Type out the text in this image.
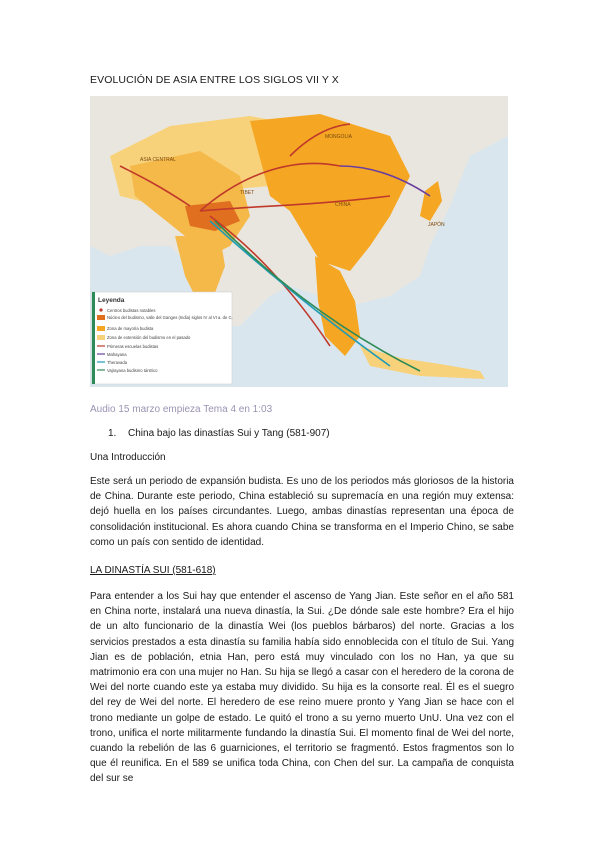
EVOLUCIÓN DE ASIA ENTRE LOS SIGLOS VII Y X
ASIA CENTRAL
MONGOLIA
CHINA
JAPÓN
TIBET
Leyenda
Centros budistas notables
Núcleo del budismo, valle del Ganges (India) siglos IV al VI a. de C.
Zona de mayoría budista
Zona de extensión del budismo en el pasado
Primeras escuelas budistas
Mahayana
Theravada
Vajrayana budismo tántrico
Audio 15 marzo empieza Tema 4 en 1:03
1. China bajo las dinastías Sui y Tang (581-907)
Una Introducción
Este será un periodo de expansión budista. Es uno de los periodos más gloriosos de la historia de China. Durante este periodo, China estableció su supremacía en una región muy extensa: dejó huella en los países circundantes. Luego, ambas dinastías representan una época de consolidación institucional. Es ahora cuando China se transforma en el Imperio Chino, se sabe como un país con sentido de identidad.
LA DINASTÍA SUI (581-618)
Para entender a los Sui hay que entender el ascenso de Yang Jian. Este señor en el año 581 en China norte, instalará una nueva dinastía, la Sui. ¿De dónde sale este hombre? Era el hijo de un alto funcionario de la dinastía Wei (los pueblos bárbaros) del norte. Gracias a los servicios prestados a esta dinastía su familia había sido ennoblecida con el título de Sui. Yang Jian es de población, etnia Han, pero está muy vinculado con los no Han, ya que su matrimonio era con una mujer no Han. Su hija se llegó a casar con el heredero de la corona de Wei del norte cuando este ya estaba muy dividido. Su hija es la consorte real. Él es el suegro del rey de Wei del norte. El heredero de ese reino muere pronto y Yang Jian se hace con el trono mediante un golpe de estado. Le quitó el trono a su yerno muerto UnU. Una vez con el trono, unifica el norte militarmente fundando la dinastía Sui. El momento final de Wei del norte, cuando la rebelión de las 6 guarniciones, el territorio se fragmentó. Estos fragmentos son lo que él reunifica. En el 589 se unifica toda China, con Chen del sur. La campaña de conquista del sur se
